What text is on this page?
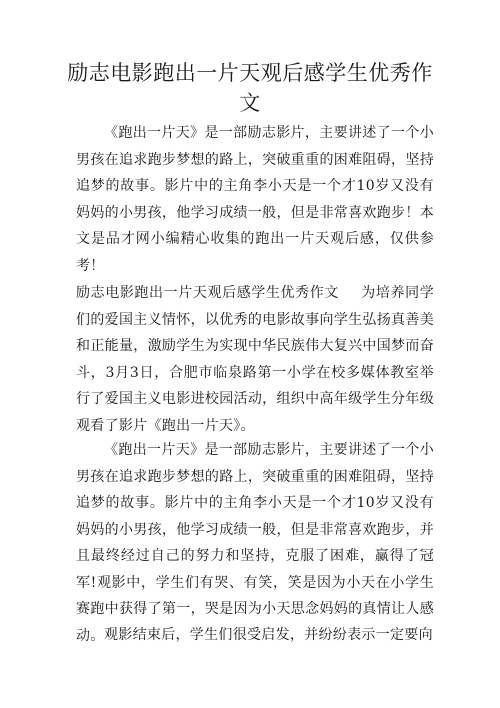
励志电影跑出一片天观后感学生优秀作文
《跑出一片天》是一部励志影片，主要讲述了一个小男孩在追求跑步梦想的路上，突破重重的困难阻碍，坚持追梦的故事。影片中的主角李小天是一个才10岁又没有妈妈的小男孩，他学习成绩一般，但是非常喜欢跑步！本文是品才网小编精心收集的跑出一片天观后感，仅供参考！
励志电影跑出一片天观后感学生优秀作文 为培养同学们的爱国主义情怀，以优秀的电影故事向学生弘扬真善美和正能量，激励学生为实现中华民族伟大复兴中国梦而奋斗，3月3日，合肥市临泉路第一小学在校多媒体教室举行了爱国主义电影进校园活动，组织中高年级学生分年级观看了影片《跑出一片天》。
《跑出一片天》是一部励志影片，主要讲述了一个小男孩在追求跑步梦想的路上，突破重重的困难阻碍，坚持追梦的故事。影片中的主角李小天是一个才10岁又没有妈妈的小男孩，他学习成绩一般，但是非常喜欢跑步，并且最终经过自己的努力和坚持，克服了困难，赢得了冠军!观影中，学生们有哭、有笑，笑是因为小天在小学生赛跑中获得了第一，哭是因为小天思念妈妈的真情让人感动。 观影结束后，学生们很受启发，并纷纷表示一定要向
